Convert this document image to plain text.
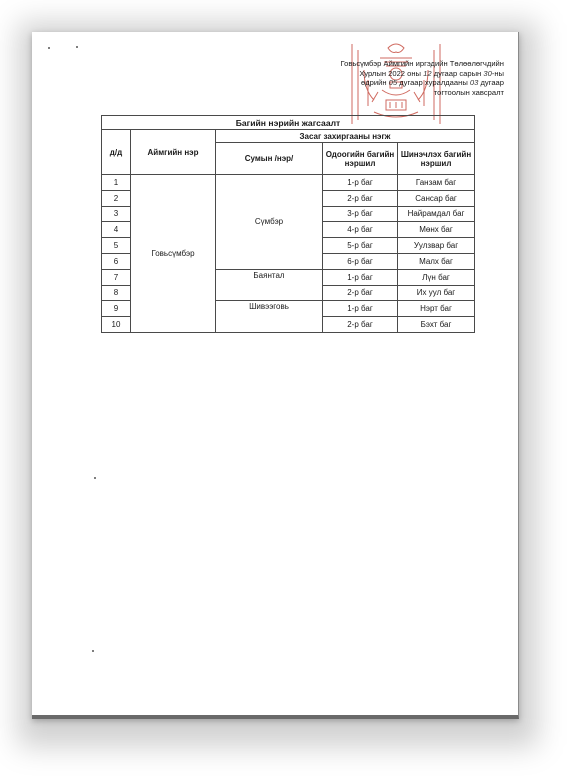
Говьсүмбэр Аймгийн иргэдийн Төлөөлөгчдийн
Хурлын 2022 оны 12 дугаар сарын 30-ны
өдрийн 05 дугаар хуралдааны 03 дугаар
тогтоолын хавсралт
Багийн нэрийн жагсаалт				
д/д	Аймгийн нэр	Засаг захиргааны нэгж		
		Сумын /нэр/	Одоогийн багийн нэршил	Шинэчлэх багийн нэршил
1	Говьсүмбэр	Сүмбэр	1-р баг	Ганзам баг
2			2-р баг	Сансар баг
3			3-р баг	Найрамдал баг
4			4-р баг	Мөнх баг
5			5-р баг	Уулзвар баг
6			6-р баг	Малх баг
7		Баянтал	1-р баг	Лүн баг
8			2-р баг	Их уул баг
9		Шивээговь	1-р баг	Нэрт баг
10			2-р баг	Бэхт баг
